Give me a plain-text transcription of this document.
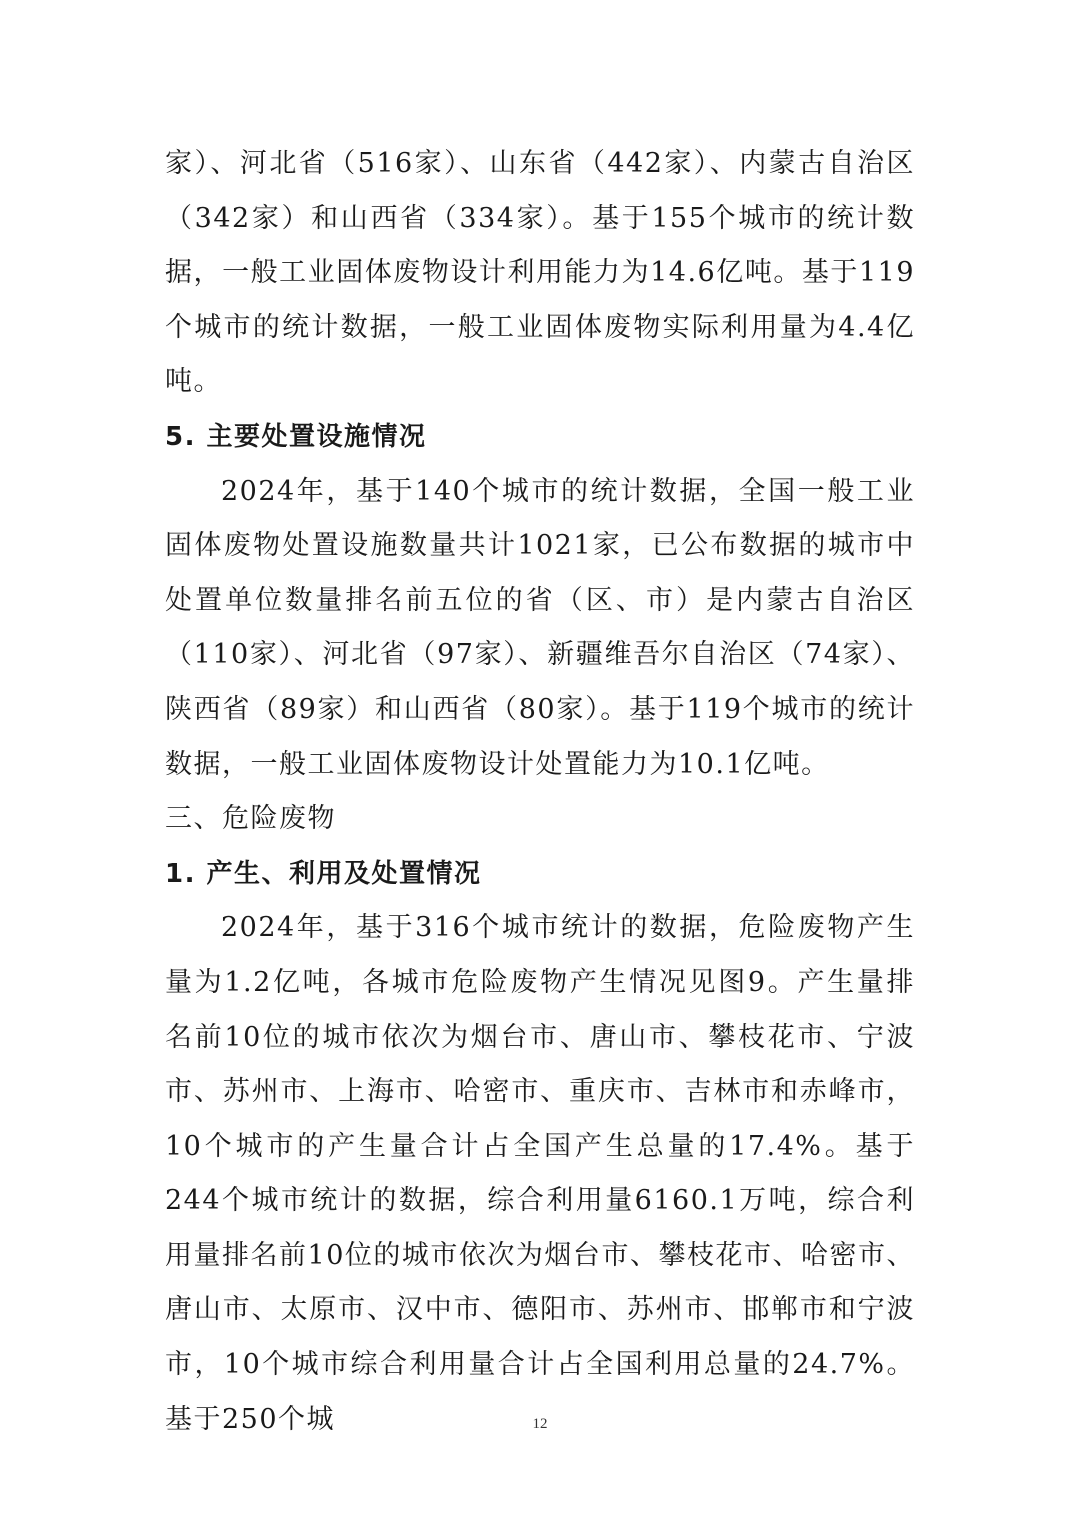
家）、河北省（516家）、山东省（442家）、内蒙古自治区（342家）和山西省（334家）。基于155个城市的统计数据，一般工业固体废物设计利用能力为14.6亿吨。基于119个城市的统计数据，一般工业固体废物实际利用量为4.4亿吨。

5. 主要处置设施情况

2024年，基于140个城市的统计数据，全国一般工业固体废物处置设施数量共计1021家，已公布数据的城市中处置单位数量排名前五位的省（区、市）是内蒙古自治区（110家）、河北省（97家）、新疆维吾尔自治区（74家）、陕西省（89家）和山西省（80家）。基于119个城市的统计数据，一般工业固体废物设计处置能力为10.1亿吨。

三、危险废物

1. 产生、利用及处置情况

2024年，基于316个城市统计的数据，危险废物产生量为1.2亿吨，各城市危险废物产生情况见图9。产生量排名前10位的城市依次为烟台市、唐山市、攀枝花市、宁波市、苏州市、上海市、哈密市、重庆市、吉林市和赤峰市，10个城市的产生量合计占全国产生总量的17.4%。基于244个城市统计的数据，综合利用量6160.1万吨，综合利用量排名前10位的城市依次为烟台市、攀枝花市、哈密市、唐山市、太原市、汉中市、德阳市、苏州市、邯郸市和宁波市，10个城市综合利用量合计占全国利用总量的24.7%。基于250个城	12
